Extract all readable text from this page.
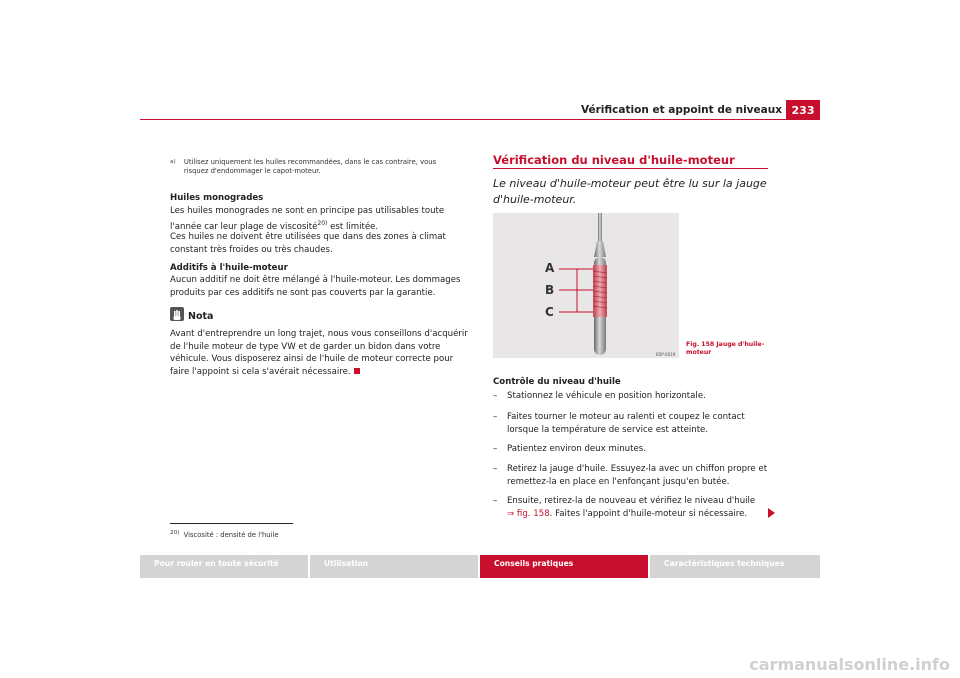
Vérification et appoint de niveaux 233
$^{a)}$ Utilisez uniquement les huiles recommandées, dans le cas contraire, vous risquez d'endommager le capot-moteur.
Huiles monogrades
Les huiles monogrades ne sont en principe pas utilisables toute l'année car leur plage de viscosité$^{20)}$ est limitée.
Ces huiles ne doivent être utilisées que dans des zones à climat constant très froides ou très chaudes.
Additifs à l'huile-moteur
Aucun additif ne doit être mélangé à l'huile-moteur. Les dommages produits par ces additifs ne sont pas couverts par la garantie.
Nota
Avant d'entreprendre un long trajet, nous vous conseillons d'acquérir de l'huile moteur de type VW et de garder un bidon dans votre véhicule. Vous disposerez ainsi de l'huile de moteur correcte pour faire l'appoint si cela s'avérait nécessaire.
$^{20)}$ Viscosité : densité de l'huile
Vérification du niveau d'huile-moteur
Le niveau d'huile-moteur peut être lu sur la jauge d'huile-moteur.
A
B
C
B5P-0019
Fig. 158 Jauge d'huile-moteur
Contrôle du niveau d'huile
– Stationnez le véhicule en position horizontale.
– Faites tourner le moteur au ralenti et coupez le contact lorsque la température de service est atteinte.
– Patientez environ deux minutes.
– Retirez la jauge d'huile. Essuyez-la avec un chiffon propre et remettez-la en place en l'enfonçant jusqu'en butée.
– Ensuite, retirez-la de nouveau et vérifiez le niveau d'huile
⇒ fig. 158. Faites l'appoint d'huile-moteur si nécessaire.
Pour rouler en toute sécurité	Utilisation	Conseils pratiques	Caractéristiques techniques
carmanualsonline.info
